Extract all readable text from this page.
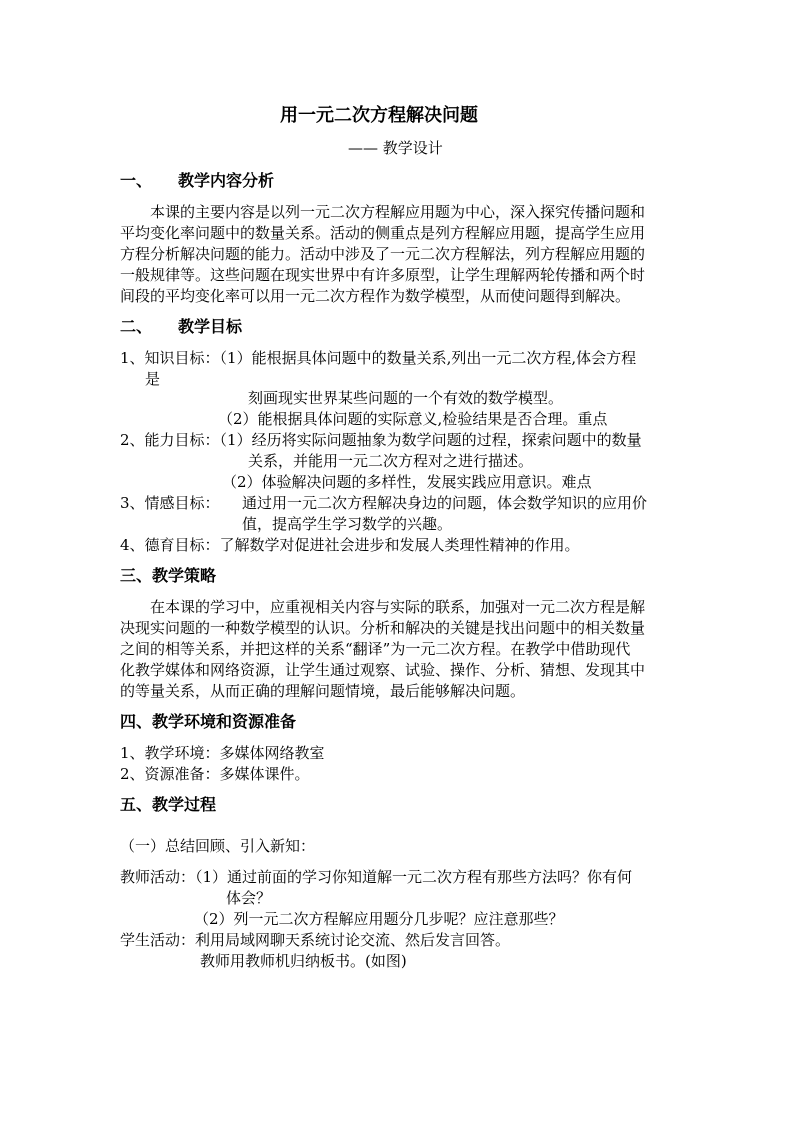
用一元二次方程解决问题
—— 教学设计
一、 教学内容分析
本课的主要内容是以列一元二次方程解应用题为中心，深入探究传播问题和
平均变化率问题中的数量关系。活动的侧重点是列方程解应用题，提高学生应用
方程分析解决问题的能力。活动中涉及了一元二次方程解法，列方程解应用题的
一般规律等。这些问题在现实世界中有许多原型，让学生理解两轮传播和两个时
间段的平均变化率可以用一元二次方程作为数学模型，从而使问题得到解决。
二、 教学目标
1、知识目标：（1）能根据具体问题中的数量关系,列出一元二次方程,体会方程
是
刻画现实世界某些问题的一个有效的数学模型。
（2）能根据具体问题的实际意义,检验结果是否合理。重点
2、能力目标：（1）经历将实际问题抽象为数学问题的过程，探索问题中的数量
关系，并能用一元二次方程对之进行描述。
（2）体验解决问题的多样性，发展实践应用意识。难点
3、情感目标： 通过用一元二次方程解决身边的问题，体会数学知识的应用价
值，提高学生学习数学的兴趣。
4、德育目标：了解数学对促进社会进步和发展人类理性精神的作用。
三、教学策略
在本课的学习中，应重视相关内容与实际的联系，加强对一元二次方程是解
决现实问题的一种数学模型的认识。分析和解决的关键是找出问题中的相关数量
之间的相等关系，并把这样的关系“翻译”为一元二次方程。在教学中借助现代
化教学媒体和网络资源，让学生通过观察、试验、操作、分析、猜想、发现其中
的等量关系，从而正确的理解问题情境，最后能够解决问题。
四、教学环境和资源准备
1、教学环境：多媒体网络教室
2、资源准备：多媒体课件。
五、教学过程
（一）总结回顾、引入新知：
教师活动：（1）通过前面的学习你知道解一元二次方程有那些方法吗？你有何
体会？
（2）列一元二次方程解应用题分几步呢？应注意那些？
学生活动：利用局域网聊天系统讨论交流、然后发言回答。
教师用教师机归纳板书。(如图)
